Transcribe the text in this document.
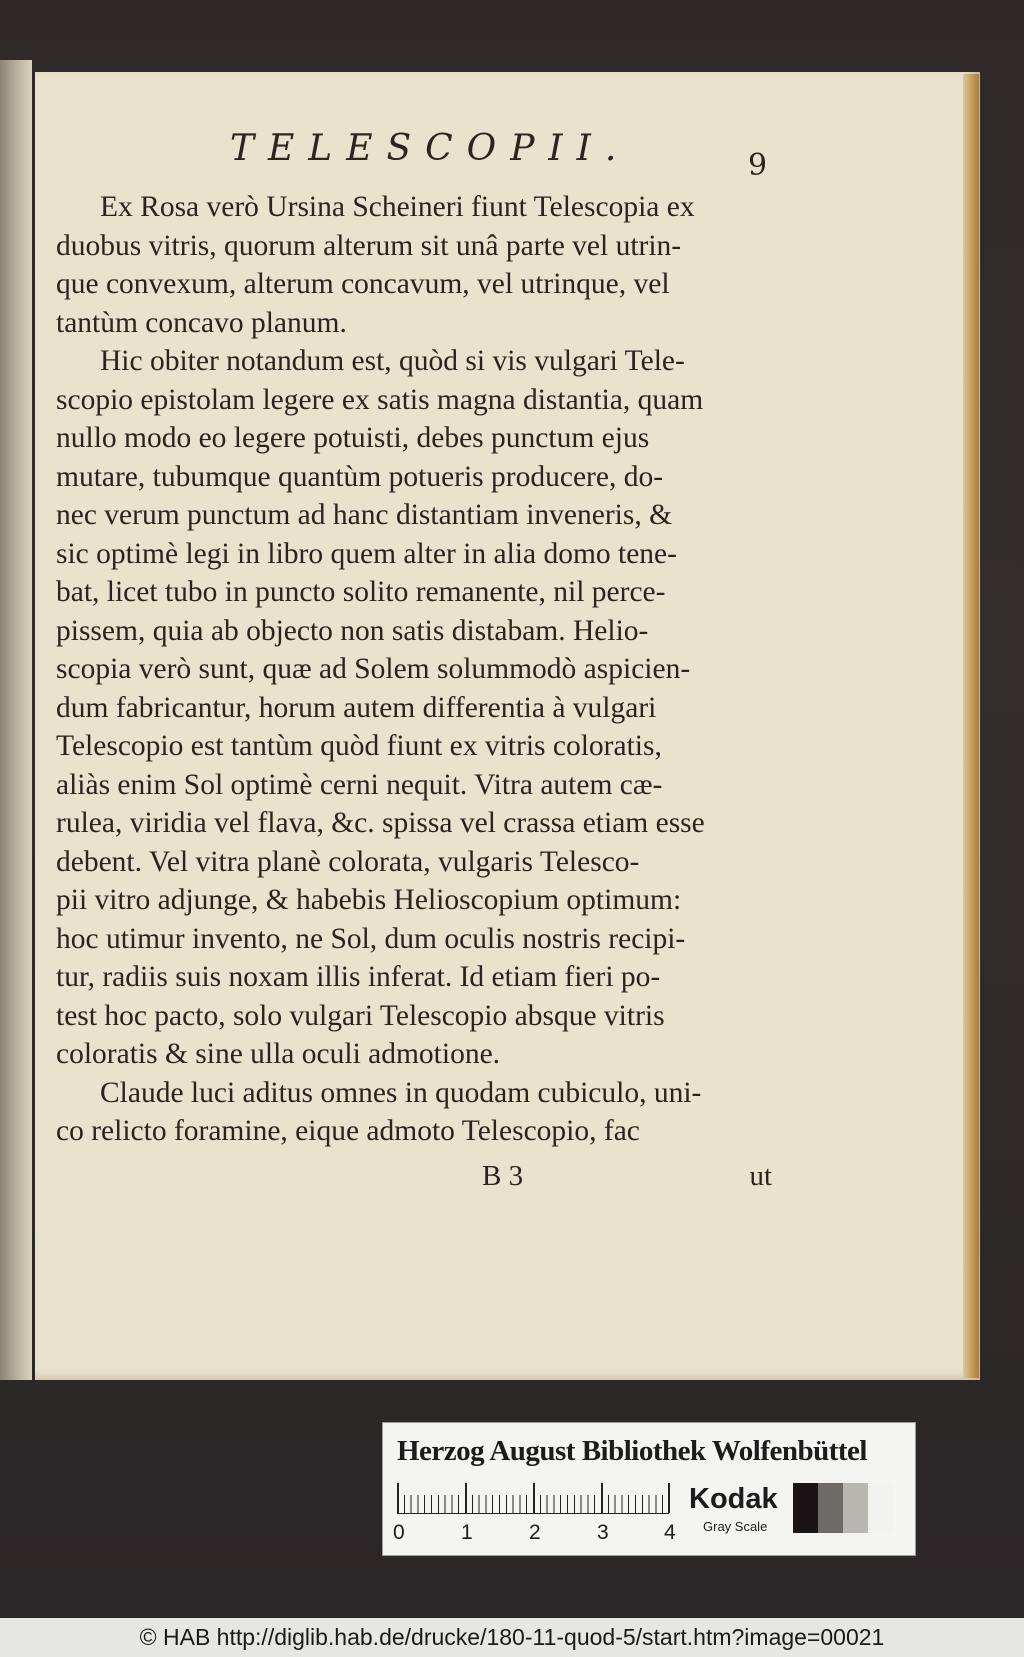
TELESCOPII.	9
Ex Rosa verò Ursina Scheineri fiunt Telescopia ex
duobus vitris, quorum alterum sit unâ parte vel utrin-
que convexum, alterum concavum, vel utrinque, vel
tantùm concavo planum.
Hic obiter notandum est, quòd si vis vulgari Tele-
scopio epistolam legere ex satis magna distantia, quam
nullo modo eo legere potuisti, debes punctum ejus
mutare, tubumque quantùm potueris producere, do-
nec verum punctum ad hanc distantiam inveneris, &
sic optimè legi in libro quem alter in alia domo tene-
bat, licet tubo in puncto solito remanente, nil perce-
pissem, quia ab objecto non satis distabam. Helio-
scopia verò sunt, quæ ad Solem solummodò aspicien-
dum fabricantur, horum autem differentia à vulgari
Telescopio est tantùm quòd fiunt ex vitris coloratis,
aliàs enim Sol optimè cerni nequit. Vitra autem cæ-
rulea, viridia vel flava, &c. spissa vel crassa etiam esse
debent. Vel vitra planè colorata, vulgaris Telesco-
pii vitro adjunge, & habebis Helioscopium optimum:
hoc utimur invento, ne Sol, dum oculis nostris recipi-
tur, radiis suis noxam illis inferat. Id etiam fieri po-
test hoc pacto, solo vulgari Telescopio absque vitris
coloratis & sine ulla oculi admotione.
Claude luci aditus omnes in quodam cubiculo, uni-
co relicto foramine, eique admoto Telescopio, fac
B 3	ut
Herzog August Bibliothek Wolfenbüttel
0	1	2	3	4
Kodak
Gray Scale
© HAB http://diglib.hab.de/drucke/180-11-quod-5/start.htm?image=00021
